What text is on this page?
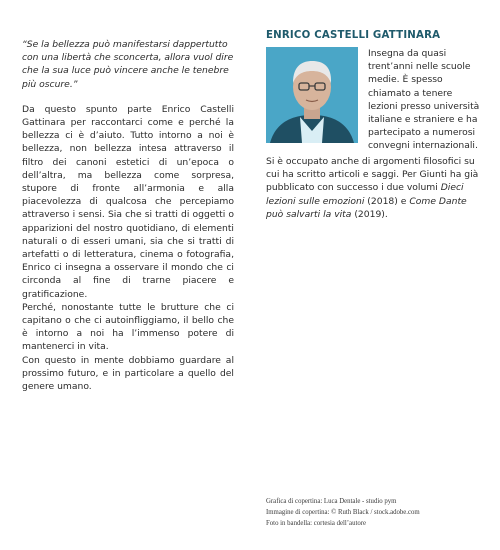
“Se la bellezza può manifestarsi dappertutto con una libertà che sconcerta, allora vuol dire che la sua luce può vincere anche le tenebre più oscure.”

Da questo spunto parte Enrico Castelli Gattinara per raccontarci come e perché la bellezza ci è d’aiuto. Tutto intorno a noi è bellezza, non bellezza intesa attraverso il filtro dei canoni estetici di un’epoca o dell’altra, ma bellezza come sorpresa, stupore di fronte all’armonia e alla piacevolezza di qualcosa che percepiamo attraverso i sensi. Sia che si tratti di oggetti o apparizioni del nostro quotidiano, di elementi naturali o di esseri umani, sia che si tratti di artefatti o di letteratura, cinema o fotografia, Enrico ci insegna a osservare il mondo che ci circonda al fine di trarne piacere e gratificazione.

Perché, nonostante tutte le brutture che ci capitano o che ci autoinfliggiamo, il bello che è intorno a noi ha l’immenso potere di mantenerci in vita.

Con questo in mente dobbiamo guardare al prossimo futuro, e in particolare a quello del genere umano.

ENRICO CASTELLI GATTINARA

Insegna da quasi trent’anni nelle scuole medie. È spesso chiamato a tenere lezioni presso università italiane e straniere e ha partecipato a numerosi convegni internazionali.

Si è occupato anche di argomenti filosofici su cui ha scritto articoli e saggi. Per Giunti ha già pubblicato con successo i due volumi Dieci lezioni sulle emozioni (2018) e Come Dante può salvarti la vita (2019).

Grafica di copertina: Luca Dentale - studio pym
Immagine di copertina: © Ruth Black / stock.adobe.com
Foto in bandella: cortesia dell’autore
